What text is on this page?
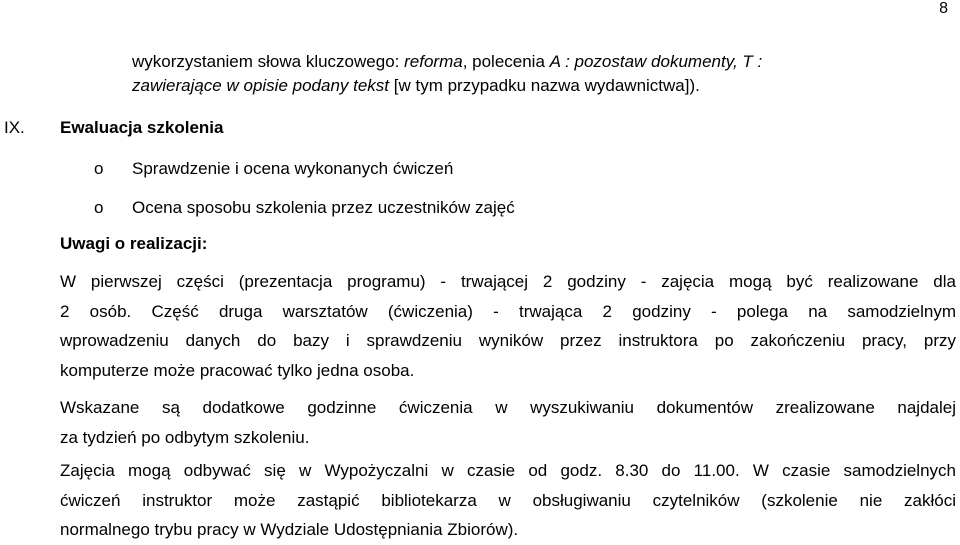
8
wykorzystaniem słowa kluczowego: reforma, polecenia A : pozostaw dokumenty, T :
zawierające w opisie podany tekst [w tym przypadku nazwa wydawnictwa]).
IX. Ewaluacja szkolenia
o Sprawdzenie i ocena wykonanych ćwiczeń
o Ocena sposobu szkolenia przez uczestników zajęć
Uwagi o realizacji:
W pierwszej części (prezentacja programu) - trwającej 2 godziny - zajęcia mogą być realizowane dla
2 osób. Część druga warsztatów (ćwiczenia) - trwająca 2 godziny - polega na samodzielnym
wprowadzeniu danych do bazy i sprawdzeniu wyników przez instruktora po zakończeniu pracy, przy
komputerze może pracować tylko jedna osoba.
Wskazane są dodatkowe godzinne ćwiczenia w wyszukiwaniu dokumentów zrealizowane najdalej
za tydzień po odbytym szkoleniu.
Zajęcia mogą odbywać się w Wypożyczalni w czasie od godz. 8.30 do 11.00. W czasie samodzielnych
ćwiczeń instruktor może zastąpić bibliotekarza w obsługiwaniu czytelników (szkolenie nie zakłóci
normalnego trybu pracy w Wydziale Udostępniania Zbiorów).
